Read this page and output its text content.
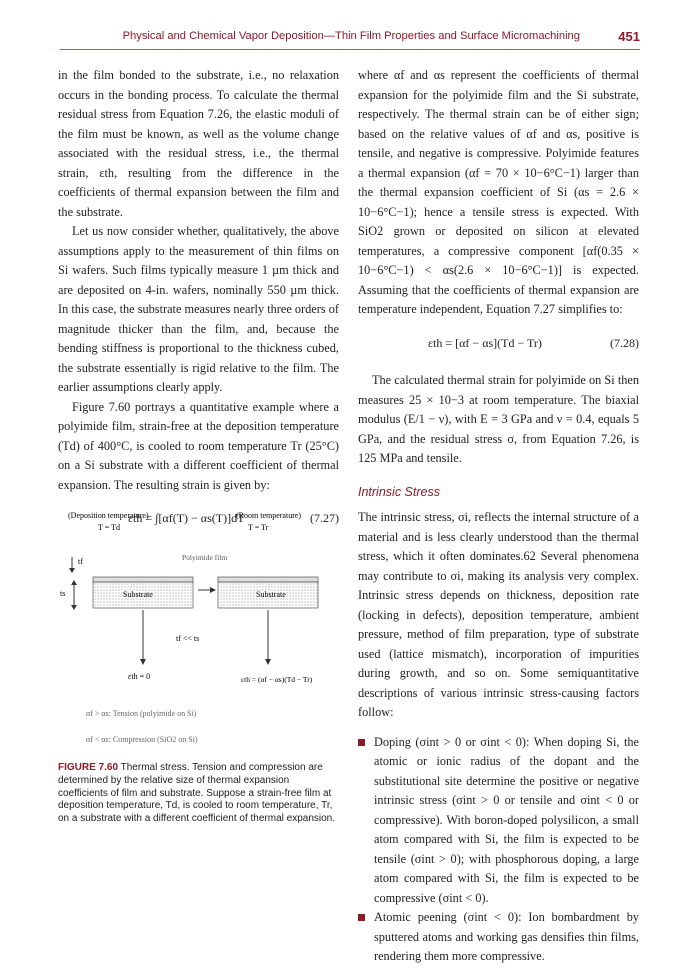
Physical and Chemical Vapor Deposition—Thin Film Properties and Surface Micromachining	451

in the film bonded to the substrate, i.e., no relaxation occurs in the bonding process. To calculate the thermal residual stress from Equation 7.26, the elastic moduli of the film must be known, as well as the volume change associated with the residual stress, i.e., the thermal strain, εth, resulting from the difference in the coefficients of thermal expansion between the film and the substrate.

Let us now consider whether, qualitatively, the above assumptions apply to the measurement of thin films on Si wafers. Such films typically measure 1 µm thick and are deposited on 4-in. wafers, nominally 550 µm thick. In this case, the substrate measures nearly three orders of magnitude thicker than the film, and, because the bending stiffness is proportional to the thickness cubed, the substrate essentially is rigid relative to the film. The earlier assumptions clearly apply.

Figure 7.60 portrays a quantitative example where a polyimide film, strain-free at the deposition temperature (Td) of 400°C, is cooled to room temperature Tr (25°C) on a Si substrate with a different coefficient of thermal expansion. The resulting strain is given by:

εth = ∫[αf(T) − αs(T)]dT	(7.27)
(Deposition temperature)
T = Td
(Room temperature)
T = Tr
Polyimide film
tf
Substrate	Substrate
ts
tf << ts
εth = 0	εth = (αf − αs)(Td − Tr)
αf > αs: Tension (polyimide on Si)
αf < αs: Compression (SiO2 on Si)
FIGURE 7.60 Thermal stress. Tension and compression are determined by the relative size of thermal expansion coefficients of film and substrate. Suppose a strain-free film at deposition temperature, Td, is cooled to room temperature, Tr, on a substrate with a different coefficient of thermal expansion.

where αf and αs represent the coefficients of thermal expansion for the polyimide film and the Si substrate, respectively. The thermal strain can be of either sign; based on the relative values of αf and αs, positive is tensile, and negative is compressive. Polyimide features a thermal expansion (αf = 70 × 10−6°C−1) larger than the thermal expansion coefficient of Si (αs = 2.6 × 10−6°C−1); hence a tensile stress is expected. With SiO2 grown or deposited on silicon at elevated temperatures, a compressive component [αf(0.35 × 10−6°C−1) < αs(2.6 × 10−6°C−1)] is expected. Assuming that the coefficients of thermal expansion are temperature independent, Equation 7.27 simplifies to:

εth = [αf − αs](Td − Tr)	(7.28)

The calculated thermal strain for polyimide on Si then measures 25 × 10−3 at room temperature. The biaxial modulus (E/1 − ν), with E = 3 GPa and ν = 0.4, equals 5 GPa, and the residual stress σ, from Equation 7.26, is 125 MPa and tensile.

Intrinsic Stress

The intrinsic stress, σi, reflects the internal structure of a material and is less clearly understood than the thermal stress, which it often dominates.62 Several phenomena may contribute to σi, making its analysis very complex. Intrinsic stress depends on thickness, deposition rate (locking in defects), deposition temperature, ambient pressure, method of film preparation, type of substrate used (lattice mismatch), incorporation of impurities during growth, and so on. Some semiquantitative descriptions of various intrinsic stress-causing factors follow:

Doping (σint > 0 or σint < 0): When doping Si, the atomic or ionic radius of the dopant and the substitutional site determine the positive or negative intrinsic stress (σint > 0 or tensile and σint < 0 or compressive). With boron-doped polysilicon, a small atom compared with Si, the film is expected to be tensile (σint > 0); with phosphorous doping, a large atom compared with Si, the film is expected to be compressive (σint < 0).
Atomic peening (σint < 0): Ion bombardment by sputtered atoms and working gas densifies thin films, rendering them more compressive.
